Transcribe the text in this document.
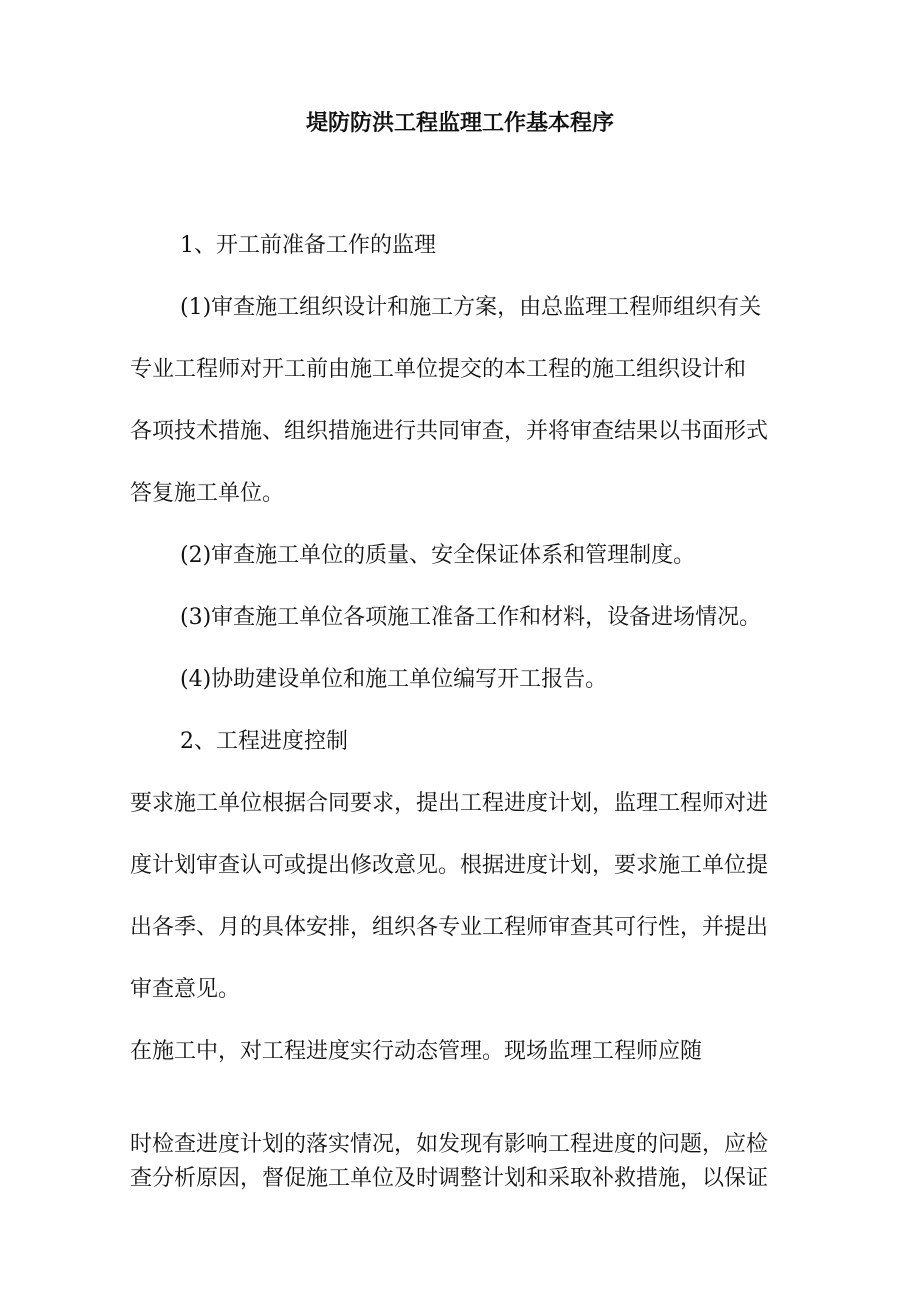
堤防防洪工程监理工作基本程序

1、开工前准备工作的监理

(1)审查施工组织设计和施工方案，由总监理工程师组织有关
专业工程师对开工前由施工单位提交的本工程的施工组织设计和
各项技术措施、组织措施进行共同审查，并将审查结果以书面形式
答复施工单位。

(2)审查施工单位的质量、安全保证体系和管理制度。

(3)审查施工单位各项施工准备工作和材料，设备进场情况。

(4)协助建设单位和施工单位编写开工报告。

2、工程进度控制

要求施工单位根据合同要求，提出工程进度计划，监理工程师对进
度计划审查认可或提出修改意见。根据进度计划，要求施工单位提
出各季、月的具体安排，组织各专业工程师审查其可行性，并提出
审查意见。

在施工中，对工程进度实行动态管理。现场监理工程师应随

时检查进度计划的落实情况，如发现有影响工程进度的问题，应检
查分析原因，督促施工单位及时调整计划和采取补救措施，以保证
